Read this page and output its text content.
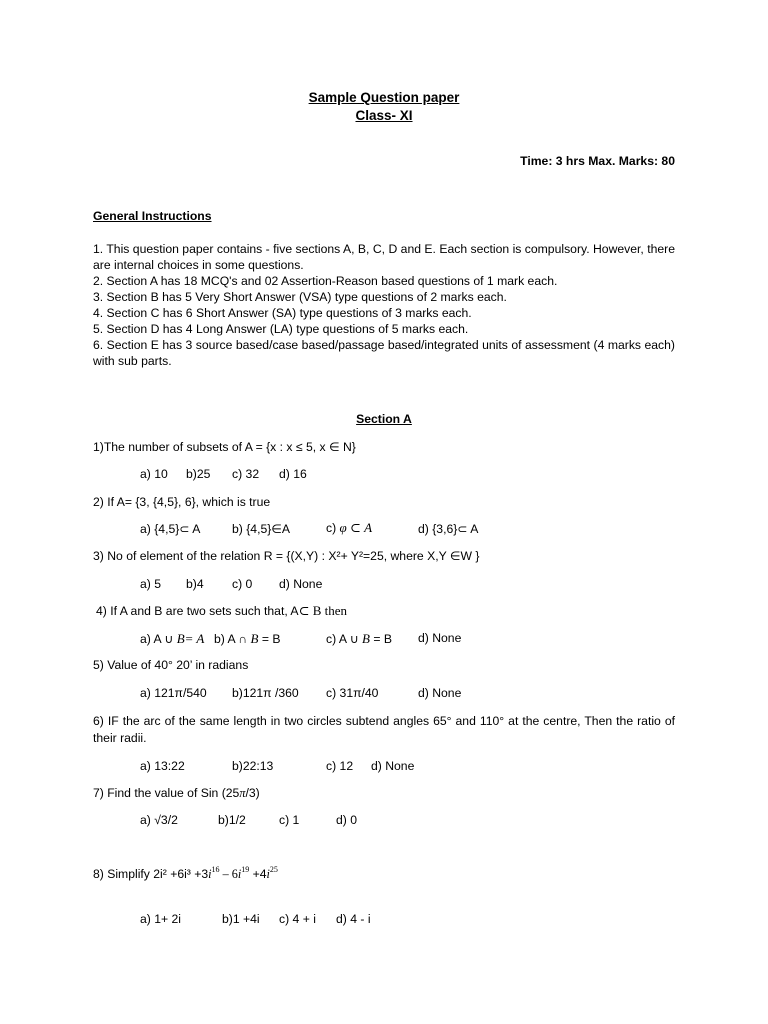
Sample Question paper
Class- XI
Time: 3 hrs Max. Marks: 80
General Instructions
1. This question paper contains - five sections A, B, C, D and E. Each section is compulsory. However, there are internal choices in some questions.
2. Section A has 18 MCQ's and 02 Assertion-Reason based questions of 1 mark each.
3. Section B has 5 Very Short Answer (VSA) type questions of 2 marks each.
4. Section C has 6 Short Answer (SA) type questions of 3 marks each.
5. Section D has 4 Long Answer (LA) type questions of 5 marks each.
6. Section E has 3 source based/case based/passage based/integrated units of assessment (4 marks each) with sub parts.
Section A
1)The number of subsets of A = {x : x ≤ 5, x ∈ N}
a) 10 b)25 c) 32 d) 16
2) If A= {3, {4,5}, 6}, which is true
a) {4,5}⊂ A	b) {4,5}∈A	c) φ ⊂ A	d) {3,6}⊂ A
3) No of element of the relation R = {(X,Y) : X²+ Y²=25, where X,Y ∈W }
a) 5 b)4 c) 0 d) None
4) If A and B are two sets such that, A⊂ B then
a) A ∪ B= A b) A ∩ B = B	c) A ∪ B = B d) None
5) Value of 40° 20’ in radians
a) 121π/540 b)121π /360 c) 31π/40	d) None
6) IF the arc of the same length in two circles subtend angles 65° and 110° at the centre, Then the ratio of their radii.
a) 13:22	b)22:13	c) 12 d) None
7) Find the value of Sin (25π/3)
a) √3/2	b)1/2	c) 1	d) 0
8) Simplify $2i^2 +6i^3 +3i^{16} - 6i^{19} +4i^{25}$
a) 1+ 2i	b)1 +4i c) 4 + i d) 4 - i
